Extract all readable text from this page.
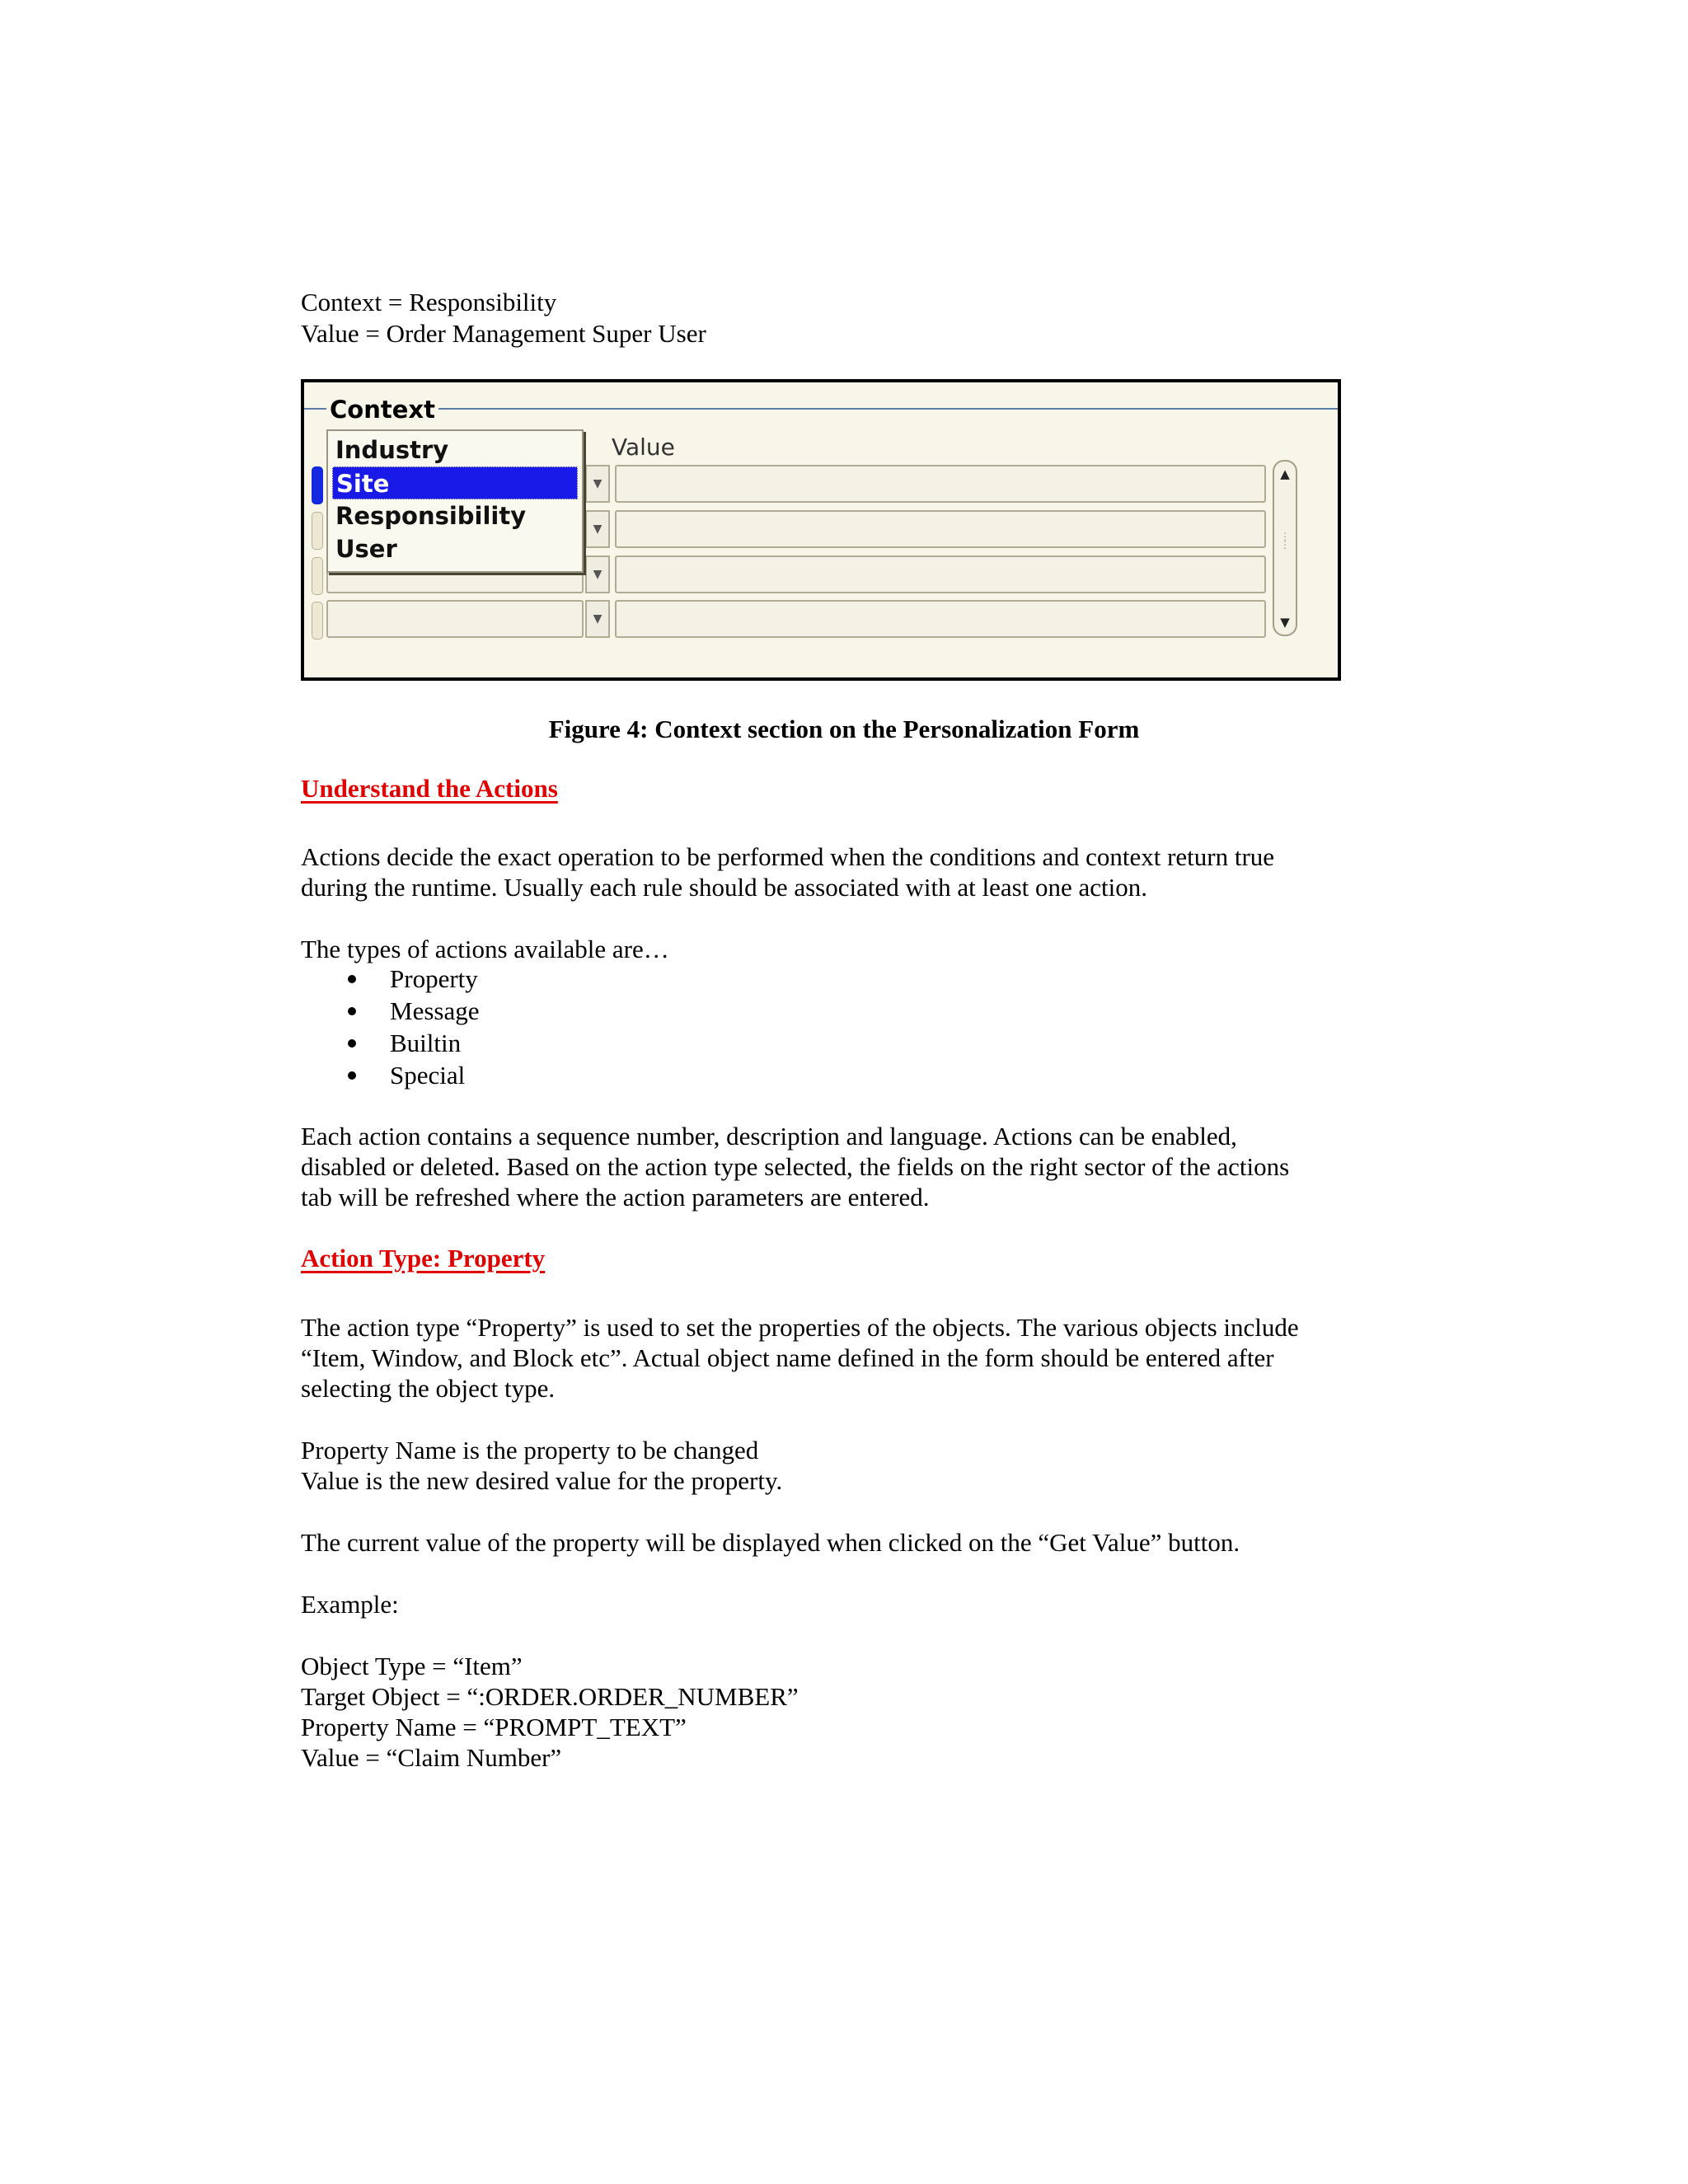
Context = Responsibility

Value = Order Management Super User

Context
Value
▼
▼
▼
▼
▲
⋮
⋮
▼
Industry
Site
Responsibility
User

Figure 4: Context section on the Personalization Form

Understand the Actions

Actions decide the exact operation to be performed when the conditions and context return true

during the runtime. Usually each rule should be associated with at least one action.

The types of actions available are…

Property
Message
Builtin
Special

Each action contains a sequence number, description and language. Actions can be enabled,

disabled or deleted. Based on the action type selected, the fields on the right sector of the actions

tab will be refreshed where the action parameters are entered.

Action Type: Property

The action type “Property” is used to set the properties of the objects. The various objects include

“Item, Window, and Block etc”. Actual object name defined in the form should be entered after

selecting the object type.

Property Name is the property to be changed

Value is the new desired value for the property.

The current value of the property will be displayed when clicked on the “Get Value” button.

Example:

Object Type = “Item”

Target Object = “:ORDER.ORDER_NUMBER”

Property Name = “PROMPT_TEXT”

Value = “Claim Number”
